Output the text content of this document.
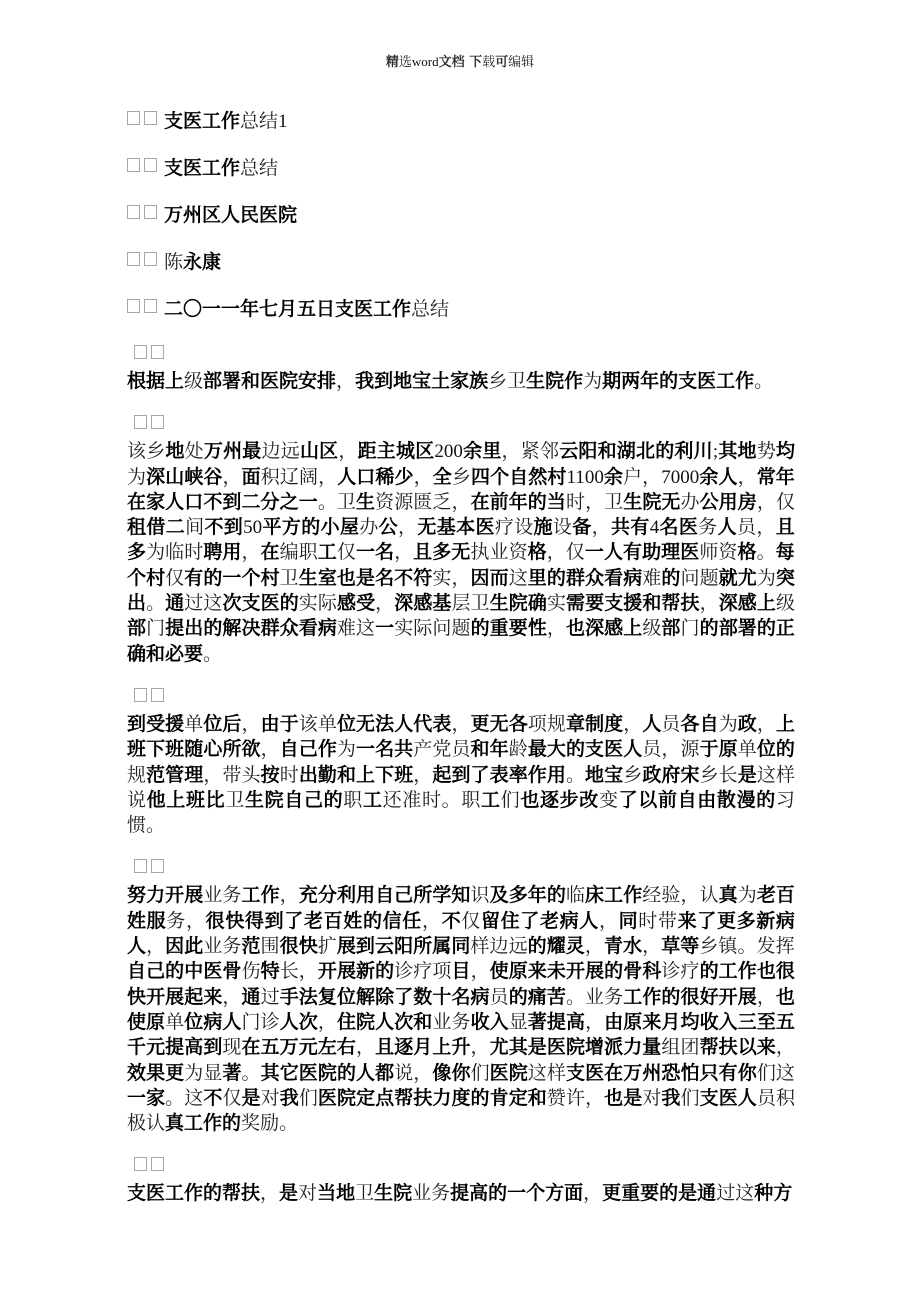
精选word文档 下载可编辑
支医工作总结1
支医工作总结
万州区人民医院
陈永康
二〇一一年七月五日支医工作总结
根据上级部署和医院安排，我到地宝土家族乡卫生院作为期两年的支医工作。
该乡地处万州最边远山区，距主城区200余里，紧邻云阳和湖北的利川;其地势均为深山峡谷，面积辽阔，人口稀少，全乡四个自然村1100余户，7000余人，常年在家人口不到二分之一。卫生资源匮乏，在前年的当时，卫生院无办公用房，仅租借二间不到50平方的小屋办公，无基本医疗设施设备，共有4名医务人员，且多为临时聘用，在编职工仅一名，且多无执业资格，仅一人有助理医师资格。每个村仅有的一个村卫生室也是名不符实，因而这里的群众看病难的问题就尤为突出。通过这次支医的实际感受，深感基层卫生院确实需要支援和帮扶，深感上级部门提出的解决群众看病难这一实际问题的重要性，也深感上级部门的部署的正确和必要。
到受援单位后，由于该单位无法人代表，更无各项规章制度，人员各自为政，上班下班随心所欲，自己作为一名共产党员和年龄最大的支医人员，源于原单位的规范管理，带头按时出勤和上下班，起到了表率作用。地宝乡政府宋乡长是这样说他上班比卫生院自己的职工还准时。职工们也逐步改变了以前自由散漫的习惯。
努力开展业务工作，充分利用自己所学知识及多年的临床工作经验，认真为老百姓服务，很快得到了老百姓的信任，不仅留住了老病人，同时带来了更多新病人，因此业务范围很快扩展到云阳所属同样边远的耀灵，青水，草等乡镇。发挥自己的中医骨伤特长，开展新的诊疗项目，使原来未开展的骨科诊疗的工作也很快开展起来，通过手法复位解除了数十名病员的痛苦。业务工作的很好开展，也使原单位病人门诊人次，住院人次和业务收入显著提高，由原来月均收入三至五千元提高到现在五万元左右，且逐月上升，尤其是医院增派力量组团帮扶以来，效果更为显著。其它医院的人都说，像你们医院这样支医在万州恐怕只有你们这一家。这不仅是对我们医院定点帮扶力度的肯定和赞许，也是对我们支医人员积极认真工作的奖励。
支医工作的帮扶，是对当地卫生院业务提高的一个方面，更重要的是通过这种方
